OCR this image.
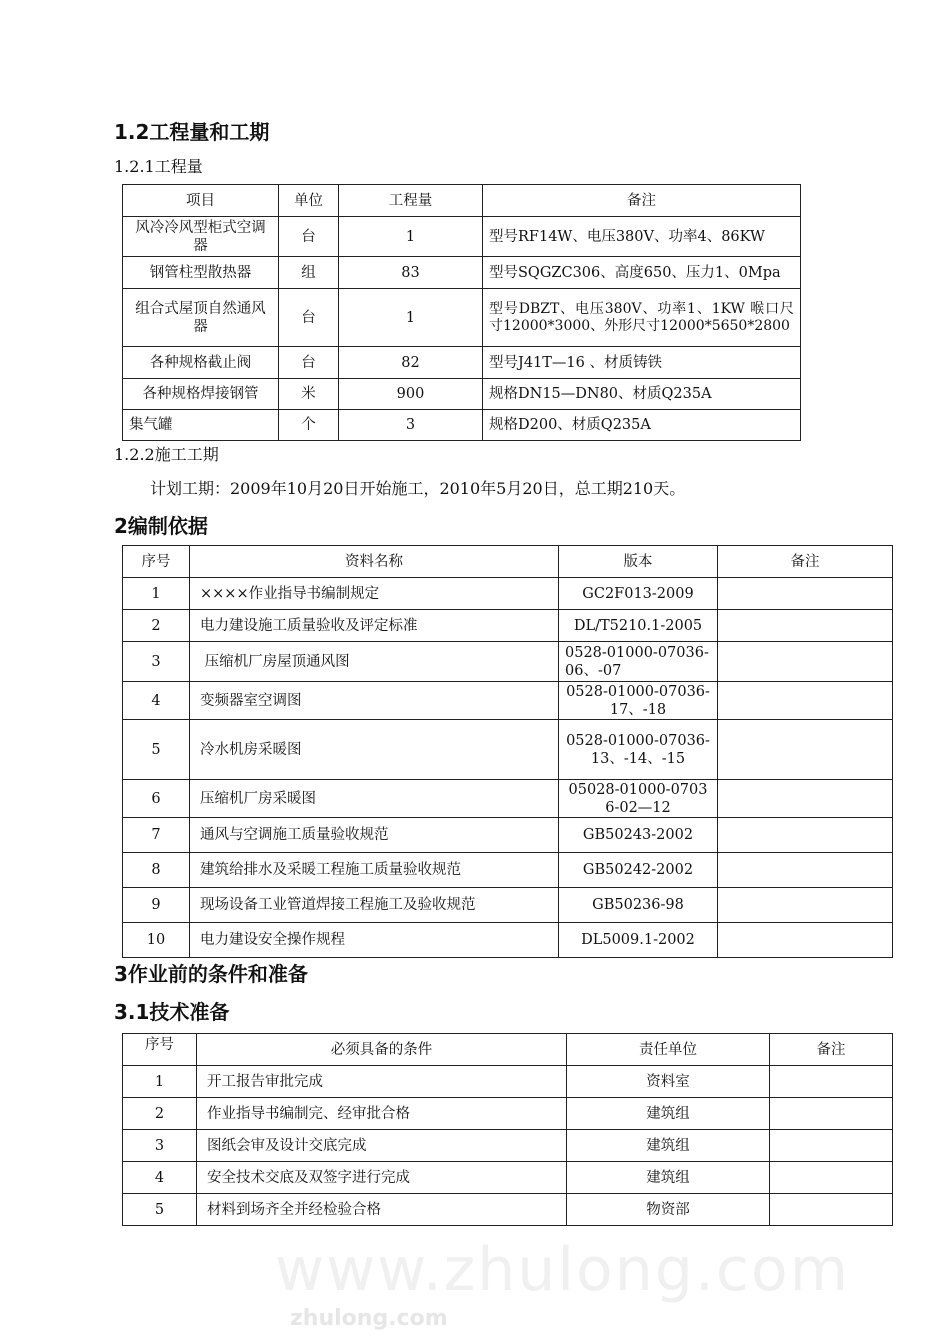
1.2工程量和工期
1.2.1工程量
项目	单位	工程量	备注
风冷冷风型柜式空调器	台	1	型号RF14W、电压380V、功率4、86KW
钢管柱型散热器	组	83	型号SQGZC306、高度650、压力1、0Mpa
组合式屋顶自然通风器	台	1	型号DBZT、电压380V、功率1、1KW 喉口尺寸12000*3000、外形尺寸12000*5650*2800
各种规格截止阀	台	82	型号J41T—16 、材质铸铁
各种规格焊接钢管	米	900	规格DN15—DN80、材质Q235A
集气罐	个	3	规格D200、材质Q235A
1.2.2施工工期
计划工期：2009年10月20日开始施工，2010年5月20日，总工期210天。
2编制依据
序号	资料名称	版本	备注
1	××××作业指导书编制规定	GC2F013-2009	
2	电力建设施工质量验收及评定标准	DL/T5210.1-2005	
3	压缩机厂房屋顶通风图	0528-01000-07036-06、-07	
4	变频器室空调图	0528-01000-07036-17、-18	
5	冷水机房采暖图	0528-01000-07036-13、-14、-15	
6	压缩机厂房采暖图	05028-01000-07036-02—12	
7	通风与空调施工质量验收规范	GB50243-2002	
8	建筑给排水及采暖工程施工质量验收规范	GB50242-2002	
9	现场设备工业管道焊接工程施工及验收规范	GB50236-98	
10	电力建设安全操作规程	DL5009.1-2002	
3作业前的条件和准备
3.1技术准备
序号	必须具备的条件	责任单位	备注
1	开工报告审批完成	资料室	
2	作业指导书编制完、经审批合格	建筑组	
3	图纸会审及设计交底完成	建筑组	
4	安全技术交底及双签字进行完成	建筑组	
5	材料到场齐全并经检验合格	物资部	
www.zhulong.com
zhulong.com
